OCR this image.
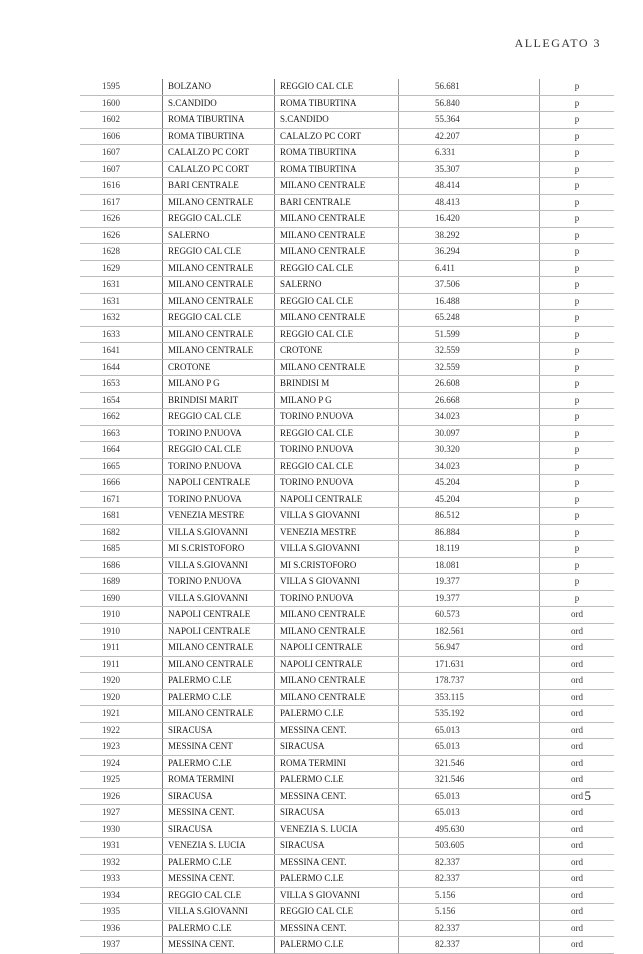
ALLEGATO 3
1595	BOLZANO	REGGIO CAL CLE	56.681	p
1600	S.CANDIDO	ROMA TIBURTINA	56.840	p
1602	ROMA TIBURTINA	S.CANDIDO	55.364	p
1606	ROMA TIBURTINA	CALALZO PC CORT	42.207	p
1607	CALALZO PC CORT	ROMA TIBURTINA	6.331	p
1607	CALALZO PC CORT	ROMA TIBURTINA	35.307	p
1616	BARI CENTRALE	MILANO CENTRALE	48.414	p
1617	MILANO CENTRALE	BARI CENTRALE	48.413	p
1626	REGGIO CAL.CLE	MILANO CENTRALE	16.420	p
1626	SALERNO	MILANO CENTRALE	38.292	p
1628	REGGIO CAL CLE	MILANO CENTRALE	36.294	p
1629	MILANO CENTRALE	REGGIO CAL CLE	6.411	p
1631	MILANO CENTRALE	SALERNO	37.506	p
1631	MILANO CENTRALE	REGGIO CAL CLE	16.488	p
1632	REGGIO CAL CLE	MILANO CENTRALE	65.248	p
1633	MILANO CENTRALE	REGGIO CAL CLE	51.599	p
1641	MILANO CENTRALE	CROTONE	32.559	p
1644	CROTONE	MILANO CENTRALE	32.559	p
1653	MILANO P G	BRINDISI M	26.608	p
1654	BRINDISI MARIT	MILANO P G	26.668	p
1662	REGGIO CAL CLE	TORINO P.NUOVA	34.023	p
1663	TORINO P.NUOVA	REGGIO CAL CLE	30.097	p
1664	REGGIO CAL CLE	TORINO P.NUOVA	30.320	p
1665	TORINO P.NUOVA	REGGIO CAL CLE	34.023	p
1666	NAPOLI CENTRALE	TORINO P.NUOVA	45.204	p
1671	TORINO P.NUOVA	NAPOLI CENTRALE	45.204	p
1681	VENEZIA MESTRE	VILLA S GIOVANNI	86.512	p
1682	VILLA S.GIOVANNI	VENEZIA MESTRE	86.884	p
1685	MI S.CRISTOFORO	VILLA S.GIOVANNI	18.119	p
1686	VILLA S.GIOVANNI	MI S.CRISTOFORO	18.081	p
1689	TORINO P.NUOVA	VILLA S GIOVANNI	19.377	p
1690	VILLA S.GIOVANNI	TORINO P.NUOVA	19.377	p
1910	NAPOLI CENTRALE	MILANO CENTRALE	60.573	ord
1910	NAPOLI CENTRALE	MILANO CENTRALE	182.561	ord
1911	MILANO CENTRALE	NAPOLI CENTRALE	56.947	ord
1911	MILANO CENTRALE	NAPOLI CENTRALE	171.631	ord
1920	PALERMO C.LE	MILANO CENTRALE	178.737	ord
1920	PALERMO C.LE	MILANO CENTRALE	353.115	ord
1921	MILANO CENTRALE	PALERMO C.LE	535.192	ord
1922	SIRACUSA	MESSINA CENT.	65.013	ord
1923	MESSINA CENT	SIRACUSA	65.013	ord
1924	PALERMO C.LE	ROMA TERMINI	321.546	ord
1925	ROMA TERMINI	PALERMO C.LE	321.546	ord
1926	SIRACUSA	MESSINA CENT.	65.013	ord
1927	MESSINA CENT.	SIRACUSA	65.013	ord
1930	SIRACUSA	VENEZIA S. LUCIA	495.630	ord
1931	VENEZIA S. LUCIA	SIRACUSA	503.605	ord
1932	PALERMO C.LE	MESSINA CENT.	82.337	ord
1933	MESSINA CENT.	PALERMO C.LE	82.337	ord
1934	REGGIO CAL CLE	VILLA S GIOVANNI	5.156	ord
1935	VILLA S.GIOVANNI	REGGIO CAL CLE	5.156	ord
1936	PALERMO C.LE	MESSINA CENT.	82.337	ord
1937	MESSINA CENT.	PALERMO C.LE	82.337	ord
5
